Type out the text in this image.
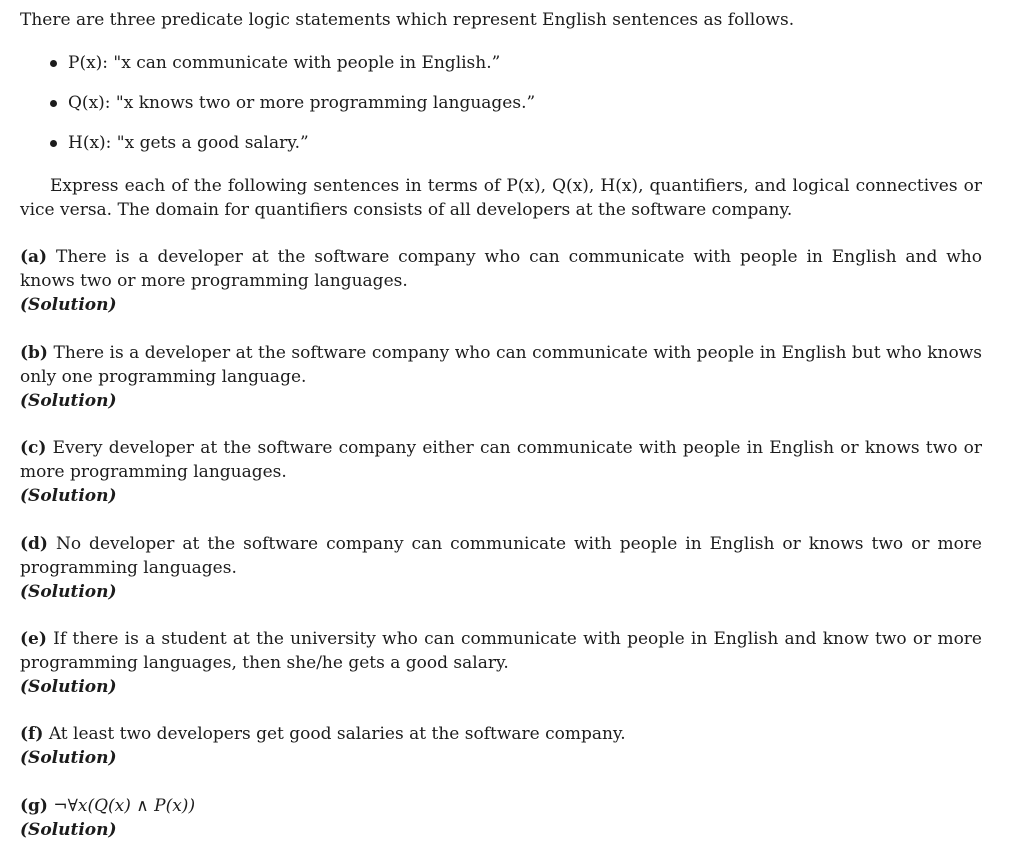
There are three predicate logic statements which represent English sentences as follows.

P(x): "x can communicate with people in English.”
Q(x): "x knows two or more programming languages.”
H(x): "x gets a good salary.”

Express each of the following sentences in terms of P(x), Q(x), H(x), quantifiers, and logical connectives or vice versa. The domain for quantifiers consists of all developers at the software company.

(a) There is a developer at the software company who can communicate with people in English and who knows two or more programming languages.

(Solution)

(b) There is a developer at the software company who can communicate with people in English but who knows only one programming language.

(Solution)

(c) Every developer at the software company either can communicate with people in English or knows two or more programming languages.

(Solution)

(d) No developer at the software company can communicate with people in English or knows two or more programming languages.

(Solution)

(e) If there is a student at the university who can communicate with people in English and know two or more programming languages, then she/he gets a good salary.

(Solution)

(f) At least two developers get good salaries at the software company.

(Solution)

(g) ¬∀x(Q(x) ∧ P(x))

(Solution)
